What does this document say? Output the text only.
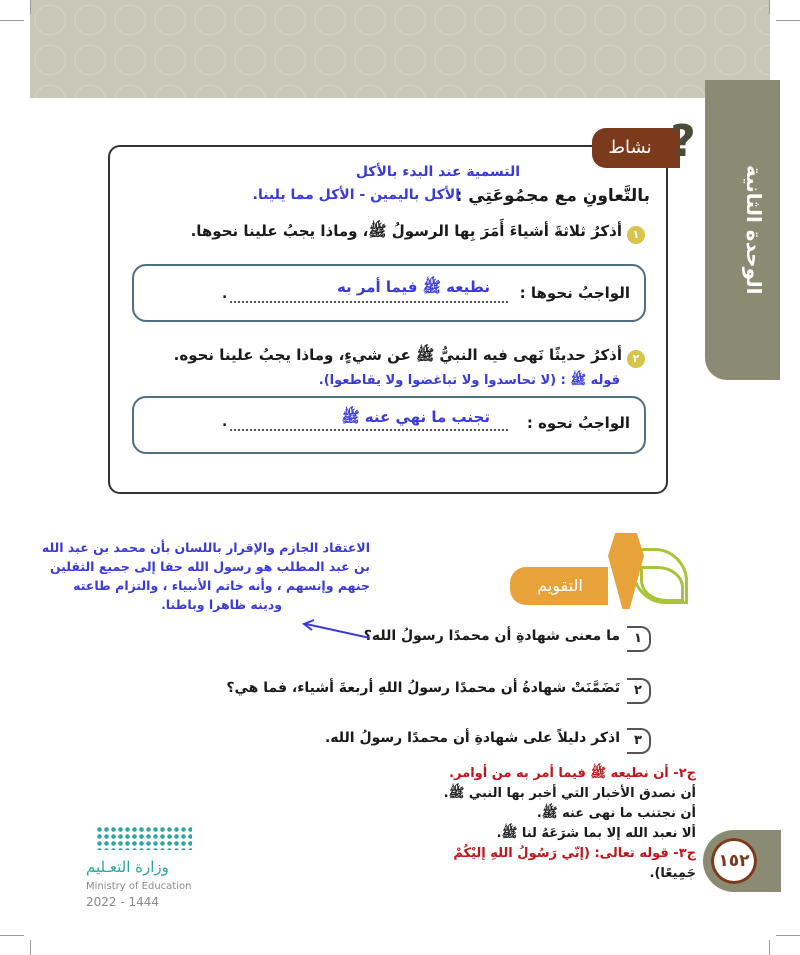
الوحدة الثانية
نشاط ?
التسمية عند البدء بالأكل
بالتَّعاونِ مع مجمُوعَتِي :
الأكل باليمين - الأكل مما يلينا.
١
أذكرُ ثلاثةَ أشياءَ أَمَرَ بِها الرسولُ ﷺ، وماذا يجبُ علينا نحوها.
الواجبُ نحوها :
نطيعه ﷺ فيما أمر به
.
٢
أذكرُ حديثًا نَهى فيه النبيُّ ﷺ عن شيءٍ، وماذا يجبُ علينا نحوه.
قوله ﷺ : (لا تحاسدوا ولا تباغضوا ولا يقاطعوا).
الواجبُ نحوه :
تجنب ما نهي عنه ﷺ
.
الاعتقاد الجازم والإقرار باللسان بأن محمد بن عبد الله
بن عبد المطلب هو رسول الله حقا إلى جميع الثقلين
جنهم وإنسهم ، وأنه خاتم الأنبياء ، والتزام طاعته
ودينه ظاهرا وباطنا.
التقويم
١
ما معنى شهادةِ أن محمدًا رسولُ الله؟
٢
تَضَمَّنَتْ شهادةُ أن محمدًا رسولُ اللهِ أربعةَ أشياء، فما هي؟
٣
اذكر دليلاً على شهادةِ أن محمدًا رسولُ الله.
ج٢- أن نطيعه ﷺ فيما أمر به من أوامر.
أن نصدق الأخبار التي أخبر بها النبي ﷺ.
أن نجتنب ما نهى عنه ﷺ.
ألا نعبد الله إلا بما شرَعَهُ لنا ﷺ.
ج٣- قوله تعالى: (إنّي رَسُولُ اللهِ إليْكُمْ
جَمِيعًا).
١٥٢
وزارة التعـليم
Ministry of Education
2022 - 1444
